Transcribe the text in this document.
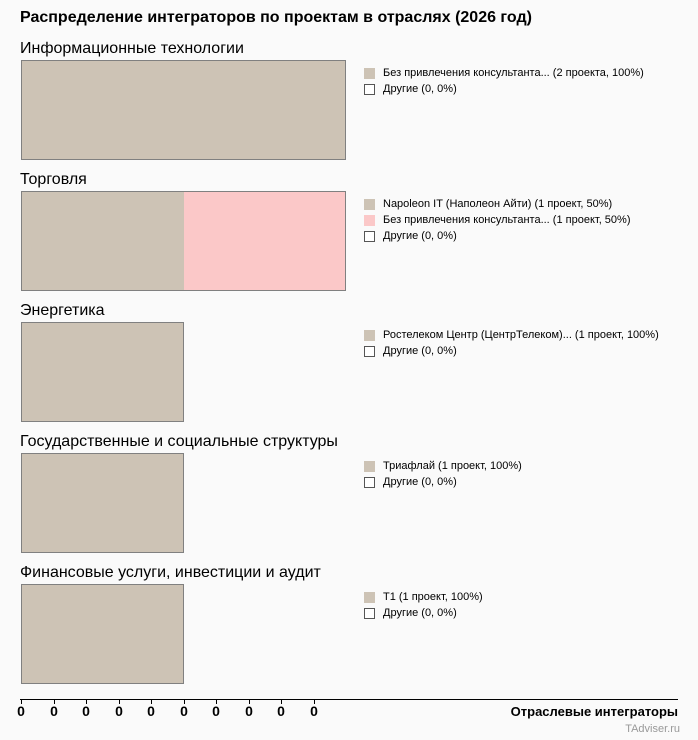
Распределение интеграторов по проектам в отраслях (2026 год)
Информационные технологии
Без привлечения консультанта... (2 проекта, 100%)
Другие (0, 0%)
Торговля
Napoleon IT (Наполеон Айти) (1 проект, 50%)
Без привлечения консультанта... (1 проект, 50%)
Другие (0, 0%)
Энергетика
Ростелеком Центр (ЦентрТелеком)... (1 проект, 100%)
Другие (0, 0%)
Государственные и социальные структуры
Триафлай (1 проект, 100%)
Другие (0, 0%)
Финансовые услуги, инвестиции и аудит
Т1 (1 проект, 100%)
Другие (0, 0%)
0	0	0	0	0	0	0	0	0	0	Отраслевые интеграторы
TAdviser.ru
